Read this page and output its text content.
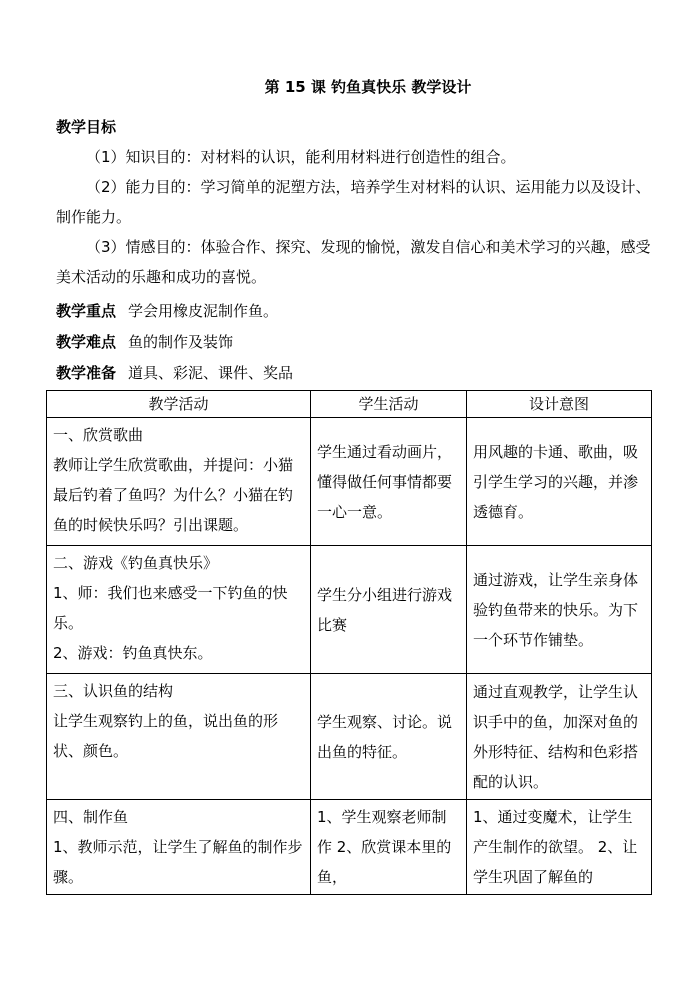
第 15 课 钓鱼真快乐 教学设计
教学目标
（1）知识目的：对材料的认识，能利用材料进行创造性的组合。
（2）能力目的：学习简单的泥塑方法，培养学生对材料的认识、运用能力以及设计、制作能力。
（3）情感目的：体验合作、探究、发现的愉悦，激发自信心和美术学习的兴趣，感受美术活动的乐趣和成功的喜悦。
教学重点 学会用橡皮泥制作鱼。
教学难点 鱼的制作及装饰
教学准备 道具、彩泥、课件、奖品
教学活动	学生活动	设计意图

一、欣赏歌曲
教师让学生欣赏歌曲，并提问：小猫最后钓着了鱼吗？为什么？小猫在钓鱼的时候快乐吗？引出课题。	学生通过看动画片，懂得做任何事情都要一心一意。	用风趣的卡通、歌曲，吸引学生学习的兴趣，并渗透德育。

二、游戏《钓鱼真快乐》
1、师：我们也来感受一下钓鱼的快乐。
2、游戏：钓鱼真快东。	学生分小组进行游戏比赛	通过游戏，让学生亲身体验钓鱼带来的快乐。为下一个环节作铺垫。

三、认识鱼的结构
让学生观察钓上的鱼，说出鱼的形状、颜色。	学生观察、讨论。说出鱼的特征。	通过直观教学，让学生认识手中的鱼，加深对鱼的外形特征、结构和色彩搭配的认识。

四、制作鱼
1、教师示范，让学生了解鱼的制作步骤。	1、学生观察老师制作 2、欣赏课本里的鱼，	1、通过变魔术，让学生产生制作的欲望。 2、让学生巩固了解鱼的
